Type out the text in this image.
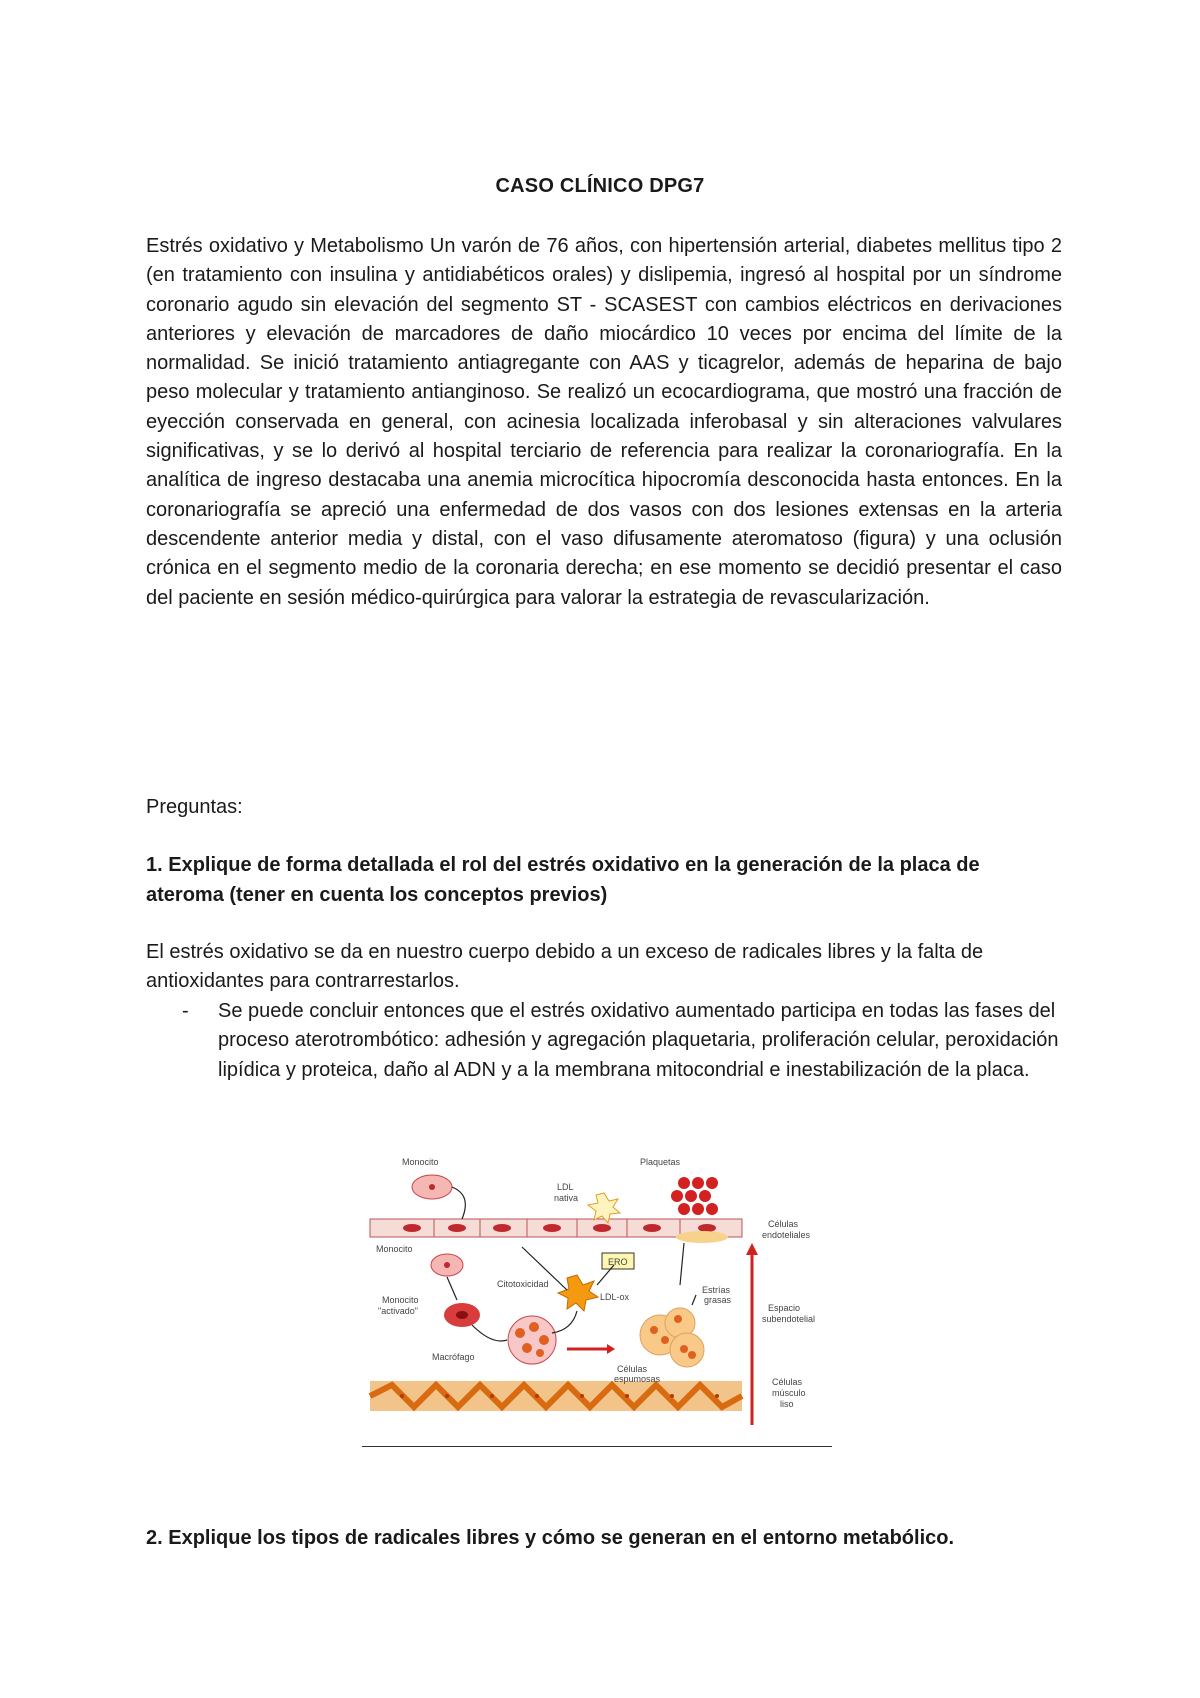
CASO CLÍNICO DPG7
Estrés oxidativo y Metabolismo Un varón de 76 años, con hipertensión arterial, diabetes mellitus tipo 2 (en tratamiento con insulina y antidiabéticos orales) y dislipemia, ingresó al hospital por un síndrome coronario agudo sin elevación del segmento ST - SCASEST con cambios eléctricos en derivaciones anteriores y elevación de marcadores de daño miocárdico 10 veces por encima del límite de la normalidad. Se inició tratamiento antiagregante con AAS y ticagrelor, además de heparina de bajo peso molecular y tratamiento antianginoso. Se realizó un ecocardiograma, que mostró una fracción de eyección conservada en general, con acinesia localizada inferobasal y sin alteraciones valvulares significativas, y se lo derivó al hospital terciario de referencia para realizar la coronariografía. En la analítica de ingreso destacaba una anemia microcítica hipocromía desconocida hasta entonces. En la coronariografía se apreció una enfermedad de dos vasos con dos lesiones extensas en la arteria descendente anterior media y distal, con el vaso difusamente ateromatoso (figura) y una oclusión crónica en el segmento medio de la coronaria derecha; en ese momento se decidió presentar el caso del paciente en sesión médico-quirúrgica para valorar la estrategia de revascularización.
Preguntas:
1. Explique de forma detallada el rol del estrés oxidativo en la generación de la placa de ateroma (tener en cuenta los conceptos previos)
El estrés oxidativo se da en nuestro cuerpo debido a un exceso de radicales libres y la falta de antioxidantes para contrarrestarlos.
- Se puede concluir entonces que el estrés oxidativo aumentado participa en todas las fases del proceso aterotrombótico: adhesión y agregación plaquetaria, proliferación celular, peroxidación lipídica y proteica, daño al ADN y a la membrana mitocondrial e inestabilización de la placa.
Monocito
Monocito
Monocito
"activado"
Macrófago
LDL
nativa
Plaquetas
ERO
Citotoxicidad
LDL-ox
Estrías
grasas
Células
espumosas
Células
endoteliales
Espacio
subendotelial
Células
músculo
liso
2. Explique los tipos de radicales libres y cómo se generan en el entorno metabólico.
